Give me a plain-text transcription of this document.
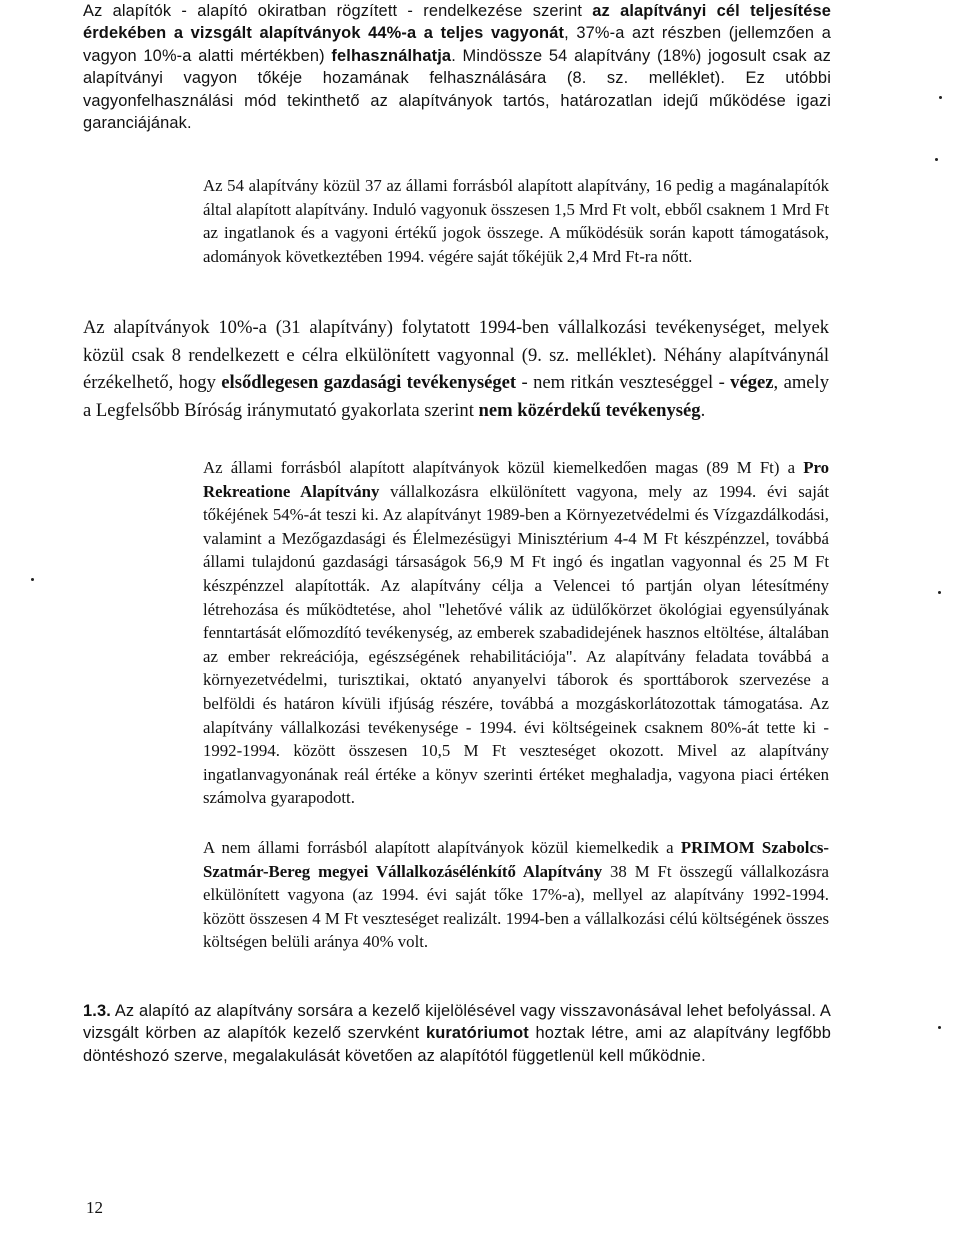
Az alapítók - alapító okiratban rögzített - rendelkezése szerint az alapítványi cél teljesítése érdekében a vizsgált alapítványok 44%-a a teljes vagyonát, 37%-a azt részben (jellemzően a vagyon 10%-a alatti mértékben) felhasználhatja. Mindössze 54 alapítvány (18%) jogosult csak az alapítványi vagyon tőkéje hozamának felhasználására (8. sz. melléklet). Ez utóbbi vagyonfelhasználási mód tekinthető az alapítványok tartós, határozatlan idejű működése igazi garanciájának.

Az 54 alapítvány közül 37 az állami forrásból alapított alapítvány, 16 pedig a magánalapítók által alapított alapítvány. Induló vagyonuk összesen 1,5 Mrd Ft volt, ebből csaknem 1 Mrd Ft az ingatlanok és a vagyoni értékű jogok összege. A működésük során kapott támogatások, adományok következtében 1994. végére saját tőkéjük 2,4 Mrd Ft-ra nőtt.

Az alapítványok 10%-a (31 alapítvány) folytatott 1994-ben vállalkozási tevékenységet, melyek közül csak 8 rendelkezett e célra elkülönített vagyonnal (9. sz. melléklet). Néhány alapítványnál érzékelhető, hogy elsődlegesen gazdasági tevékenységet - nem ritkán veszteséggel - végez, amely a Legfelsőbb Bíróság iránymutató gyakorlata szerint nem közérdekű tevékenység.

Az állami forrásból alapított alapítványok közül kiemelkedően magas (89 M Ft) a Pro Rekreatione Alapítvány vállalkozásra elkülönített vagyona, mely az 1994. évi saját tőkéjének 54%-át teszi ki. Az alapítványt 1989-ben a Környezetvédelmi és Vízgazdálkodási, valamint a Mezőgazdasági és Élelmezésügyi Minisztérium 4-4 M Ft készpénzzel, továbbá állami tulajdonú gazdasági társaságok 56,9 M Ft ingó és ingatlan vagyonnal és 25 M Ft készpénzzel alapították. Az alapítvány célja a Velencei tó partján olyan létesítmény létrehozása és működtetése, ahol "lehetővé válik az üdülőkörzet ökológiai egyensúlyának fenntartását előmozdító tevékenység, az emberek szabadidejének hasznos eltöltése, általában az ember rekreációja, egészségének rehabilitációja". Az alapítvány feladata továbbá a környezetvédelmi, turisztikai, oktató anyanyelvi táborok és sporttáborok szervezése a belföldi és határon kívüli ifjúság részére, továbbá a mozgáskorlátozottak támogatása. Az alapítvány vállalkozási tevékenysége - 1994. évi költségeinek csaknem 80%-át tette ki - 1992-1994. között összesen 10,5 M Ft veszteséget okozott. Mivel az alapítvány ingatlanvagyonának reál értéke a könyv szerinti értéket meghaladja, vagyona piaci értéken számolva gyarapodott.

A nem állami forrásból alapított alapítványok közül kiemelkedik a PRIMOM Szabolcs-Szatmár-Bereg megyei Vállalkozásélénkítő Alapítvány 38 M Ft összegű vállalkozásra elkülönített vagyona (az 1994. évi saját tőke 17%-a), mellyel az alapítvány 1992-1994. között összesen 4 M Ft veszteséget realizált. 1994-ben a vállalkozási célú költségének összes költségen belüli aránya 40% volt.

1.3. Az alapító az alapítvány sorsára a kezelő kijelölésével vagy visszavonásával lehet befolyással. A vizsgált körben az alapítók kezelő szervként kuratóriumot hoztak létre, ami az alapítvány legfőbb döntéshozó szerve, megalakulását követően az alapítótól függetlenül kell működnie.

12
